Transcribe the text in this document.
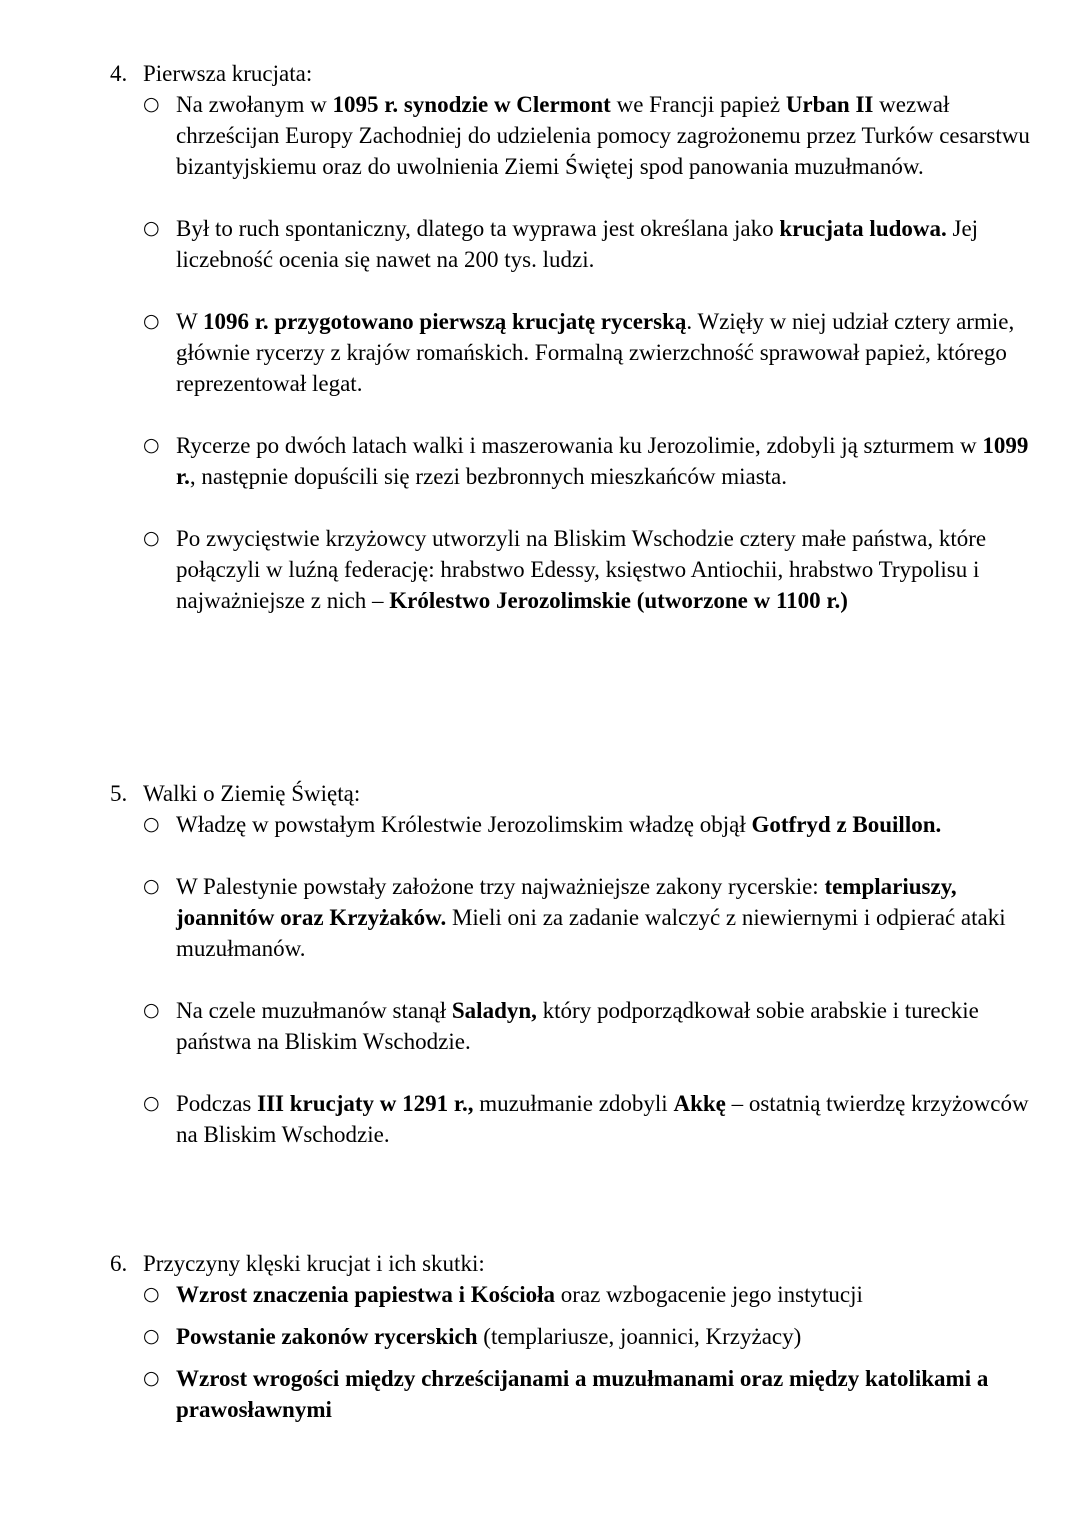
4. Pierwsza krucjata:
○ Na zwołanym w 1095 r. synodzie w Clermont we Francji papież Urban II wezwał chrześcijan Europy Zachodniej do udzielenia pomocy zagrożonemu przez Turków cesarstwu bizantyjskiemu oraz do uwolnienia Ziemi Świętej spod panowania muzułmanów.
○ Był to ruch spontaniczny, dlatego ta wyprawa jest określana jako krucjata ludowa. Jej liczebność ocenia się nawet na 200 tys. ludzi.
○ W 1096 r. przygotowano pierwszą krucjatę rycerską. Wzięły w niej udział cztery armie, głównie rycerzy z krajów romańskich. Formalną zwierzchność sprawował papież, którego reprezentował legat.
○ Rycerze po dwóch latach walki i maszerowania ku Jerozolimie, zdobyli ją szturmem w 1099 r., następnie dopuścili się rzezi bezbronnych mieszkańców miasta.
○ Po zwycięstwie krzyżowcy utworzyli na Bliskim Wschodzie cztery małe państwa, które połączyli w luźną federację: hrabstwo Edessy, księstwo Antiochii, hrabstwo Trypolisu i najważniejsze z nich – Królestwo Jerozolimskie (utworzone w 1100 r.)
5. Walki o Ziemię Świętą:
○ Władzę w powstałym Królestwie Jerozolimskim władzę objął Gotfryd z Bouillon.
○ W Palestynie powstały założone trzy najważniejsze zakony rycerskie: templariuszy, joannitów oraz Krzyżaków. Mieli oni za zadanie walczyć z niewiernymi i odpierać ataki muzułmanów.
○ Na czele muzułmanów stanął Saladyn, który podporządkował sobie arabskie i tureckie państwa na Bliskim Wschodzie.
○ Podczas III krucjaty w 1291 r., muzułmanie zdobyli Akkę – ostatnią twierdzę krzyżowców na Bliskim Wschodzie.
6. Przyczyny klęski krucjat i ich skutki:
○ Wzrost znaczenia papiestwa i Kościoła oraz wzbogacenie jego instytucji
○ Powstanie zakonów rycerskich (templariusze, joannici, Krzyżacy)
○ Wzrost wrogości między chrześcijanami a muzułmanami oraz między katolikami a prawosławnymi
